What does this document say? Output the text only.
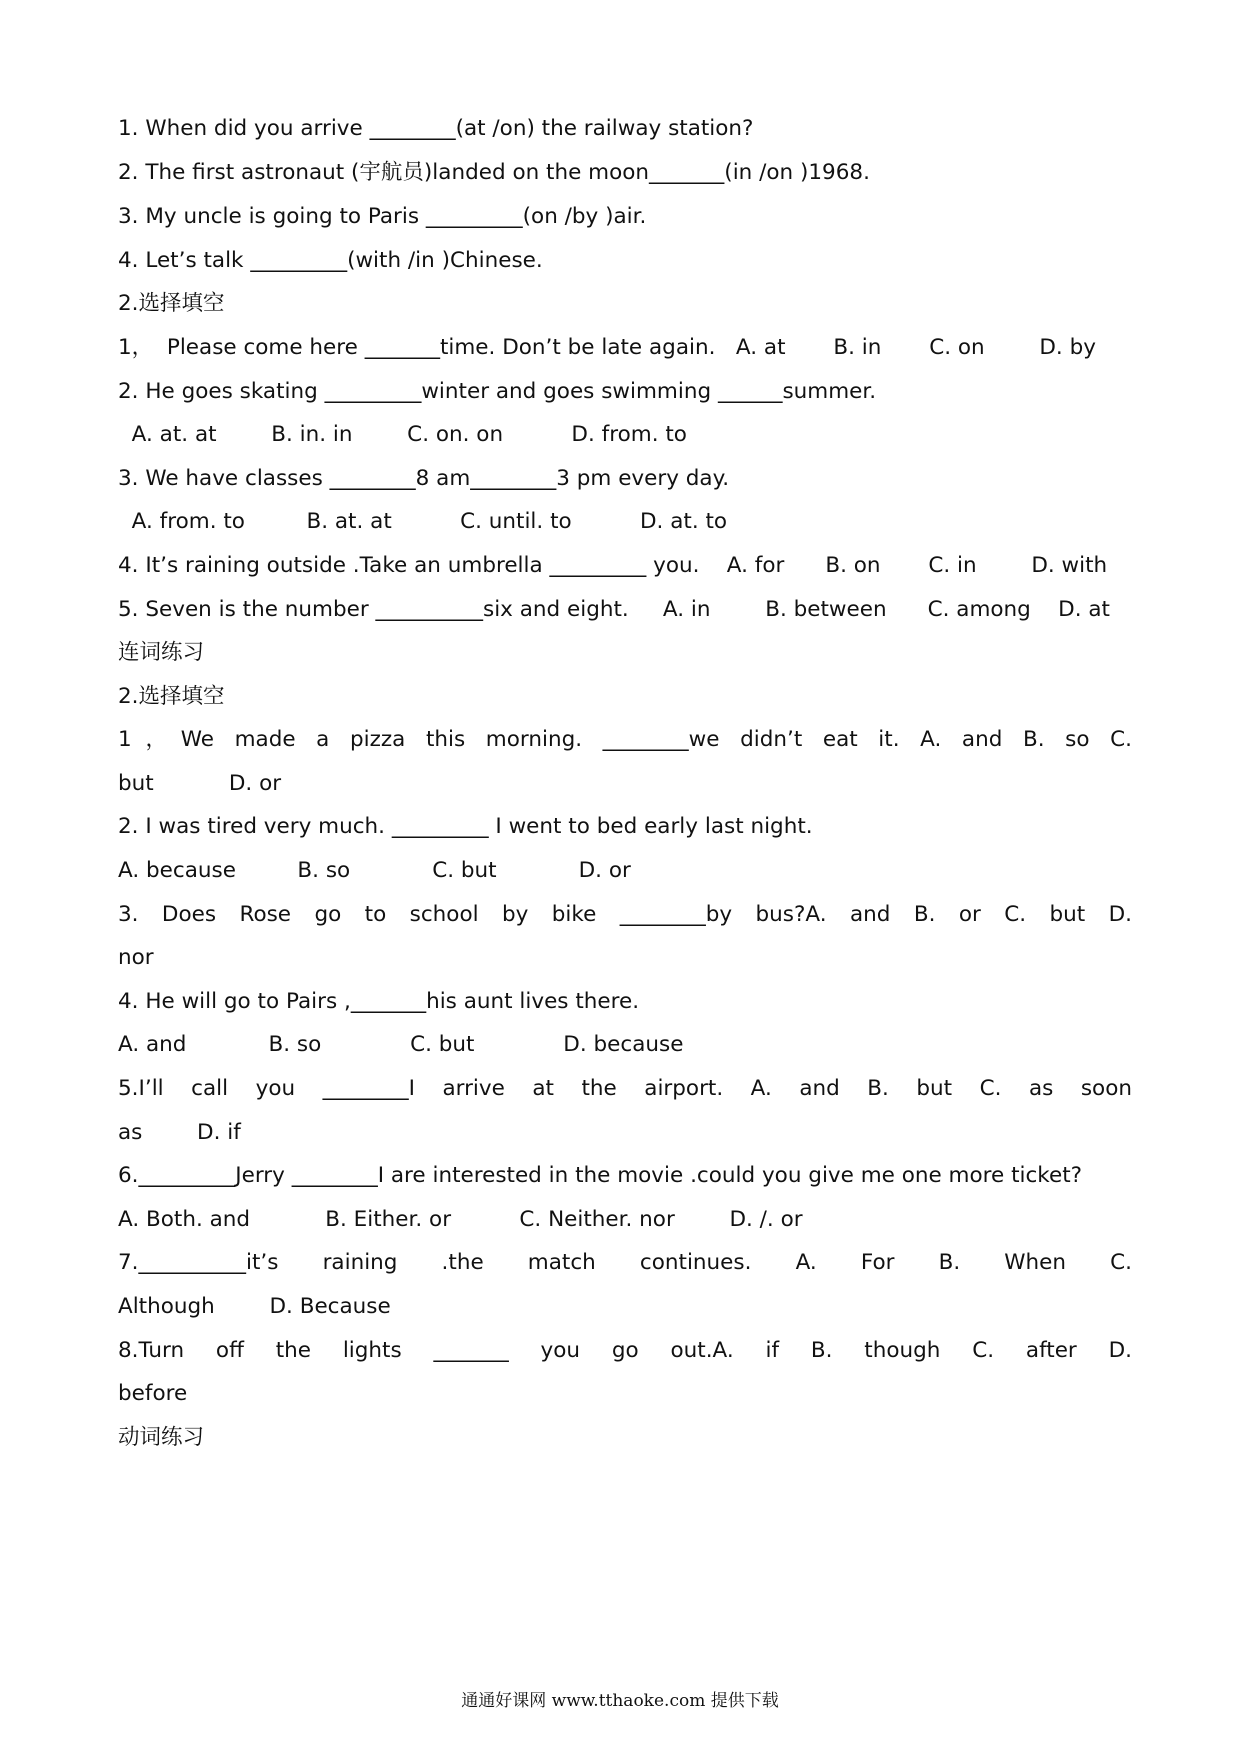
1. When did you arrive ________(at /on) the railway station?
2. The first astronaut (宇航员)landed on the moon_______(in /on )1968.
3. My uncle is going to Paris _________(on /by )air.
4. Let’s talk _________(with /in )Chinese.
2.选择填空
1，  Please come here _______time. Don’t be late again.   A. at       B. in       C. on        D. by
2. He goes skating _________winter and goes swimming ______summer.
A. at. at        B. in. in        C. on. on          D. from. to
3. We have classes ________8 am________3 pm every day.
A. from. to         B. at. at          C. until. to          D. at. to
4. It’s raining outside .Take an umbrella _________ you.    A. for      B. on       C. in        D. with
5. Seven is the number __________six and eight.     A. in        B. between      C. among    D. at
连词练习
2.选择填空
1，We made a pizza this morning. ________we didn’t eat it. A. and B. so C.
but           D. or
2. I was tired very much. _________ I went to bed early last night.
A. because         B. so            C. but            D. or
3. Does Rose go to school by bike ________by bus?A. and B. or C. but D.
nor
4. He will go to Pairs ,_______his aunt lives there.
A. and            B. so             C. but             D. because
5.I’ll call you ________I arrive at the airport. A. and B. but C. as soon
as        D. if
6._________Jerry ________I are interested in the movie .could you give me one more ticket?
A. Both. and           B. Either. or          C. Neither. nor        D. /. or
7.__________it’s raining .the match continues. A. For B. When C.
Although        D. Because
8.Turn off the lights _______ you go out.A. if B. though C. after D.
before
动词练习
通通好课网 www.tthaoke.com 提供下载
